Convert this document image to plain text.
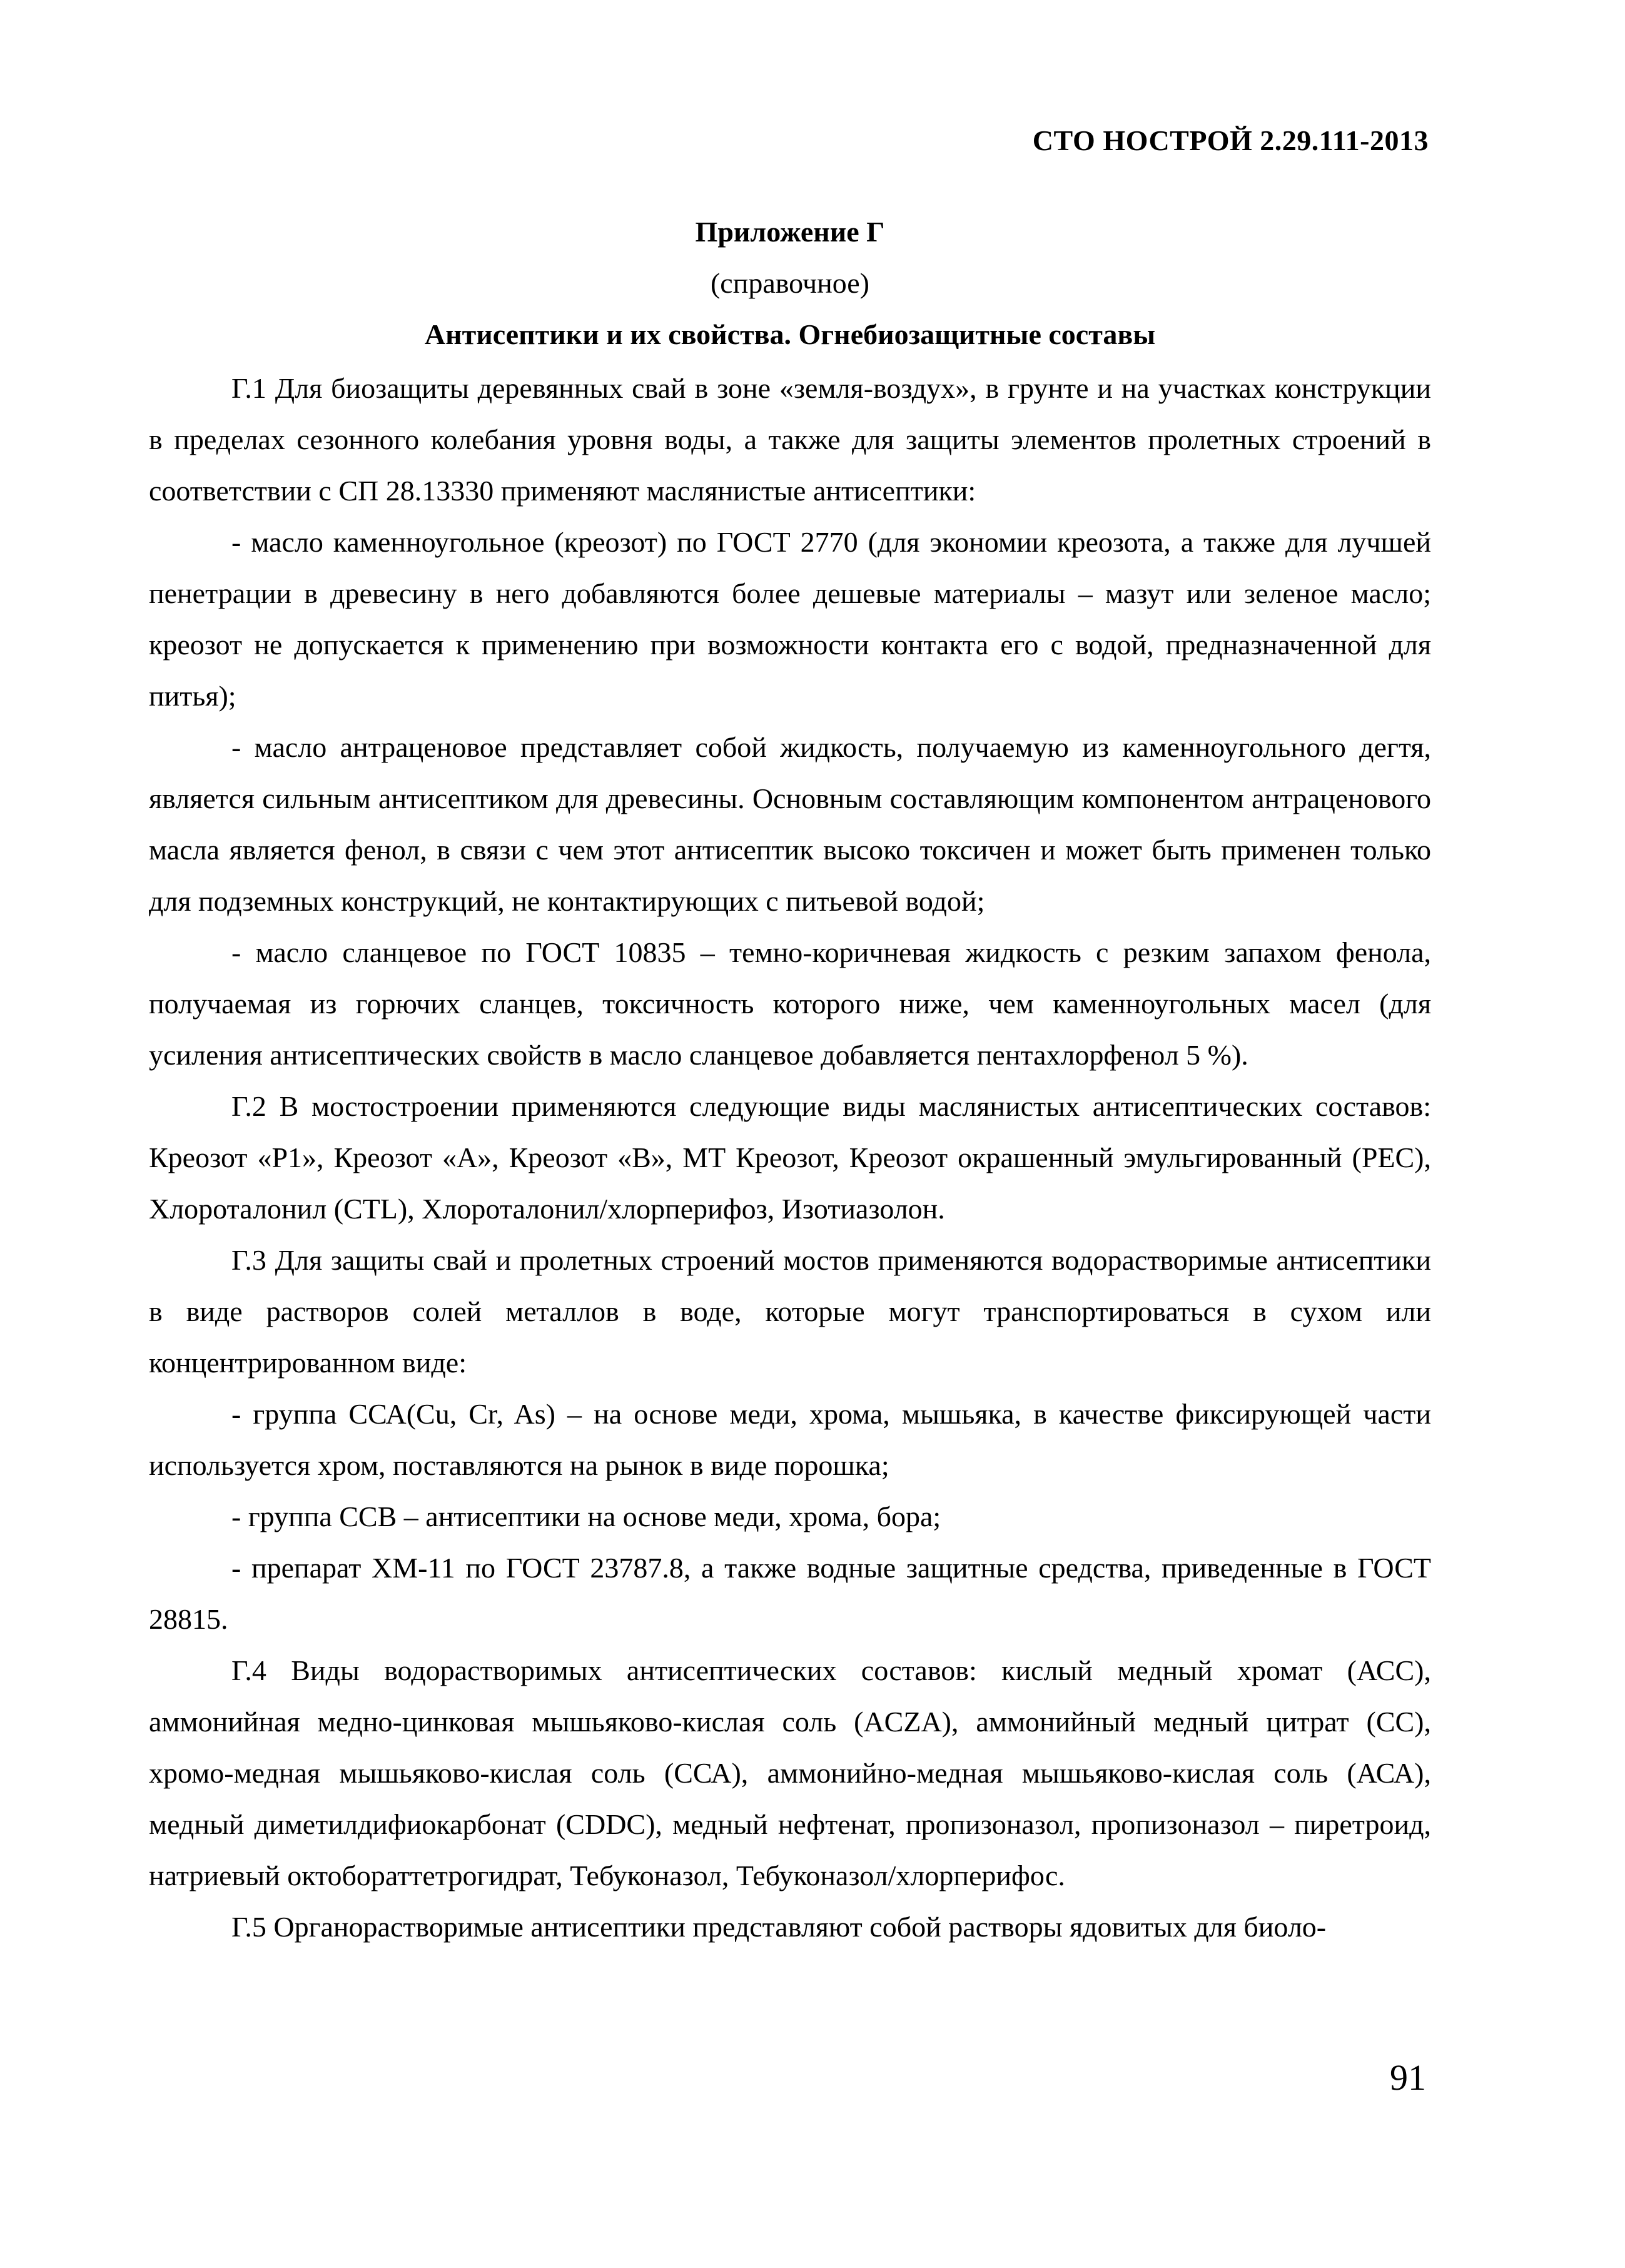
СТО НОСТРОЙ 2.29.111-2013
Приложение Г
(справочное)
Антисептики и их свойства. Огнебиозащитные составы

Г.1 Для биозащиты деревянных свай в зоне «земля-воздух», в грунте и на участках конструкции в пределах сезонного колебания уровня воды, а также для защиты элементов пролетных строений в соответствии с СП 28.13330 применяют маслянистые антисептики:

- масло каменноугольное (креозот) по ГОСТ 2770 (для экономии креозота, а также для лучшей пенетрации в древесину в него добавляются более дешевые материалы – мазут или зеленое масло; креозот не допускается к применению при возможности контакта его с водой, предназначенной для питья);

- масло антраценовое представляет собой жидкость, получаемую из каменноугольного дегтя, является сильным антисептиком для древесины. Основным составляющим компонентом антраценового масла является фенол, в связи с чем этот антисептик высоко токсичен и может быть применен только для подземных конструкций, не контактирующих с питьевой водой;

- масло сланцевое по ГОСТ 10835 – темно-коричневая жидкость с резким запахом фенола, получаемая из горючих сланцев, токсичность которого ниже, чем каменноугольных масел (для усиления антисептических свойств в масло сланцевое добавляется пентахлорфенол 5 %).

Г.2 В мостостроении применяются следующие виды маслянистых антисептических составов: Креозот «P1», Креозот «А», Креозот «В», МТ Креозот, Креозот окрашенный эмульгированный (PEC), Хлороталонил (CTL), Хлороталонил/хлорперифоз, Изотиазолон.

Г.3 Для защиты свай и пролетных строений мостов применяются водорастворимые антисептики в виде растворов солей металлов в воде, которые могут транспортироваться в сухом или концентрированном виде:

- группа ССА(Cu, Cr, As) – на основе меди, хрома, мышьяка, в качестве фиксирующей части используется хром, поставляются на рынок в виде порошка;

- группа ССВ – антисептики на основе меди, хрома, бора;

- препарат ХМ-11 по ГОСТ 23787.8, а также водные защитные средства, приведенные в ГОСТ 28815.

Г.4 Виды водорастворимых антисептических составов: кислый медный хромат (АСС), аммонийная медно-цинковая мышьяково-кислая соль (ACZA), аммонийный медный цитрат (СС), хромо-медная мышьяково-кислая соль (ССА), аммонийно-медная мышьяково-кислая соль (АСА), медный диметилдифиокарбонат (CDDC), медный нефтенат, пропизоназол, пропизоназол – пиретроид, натриевый октобораттетрогидрат, Тебуконазол, Тебуконазол/хлорперифос.

Г.5 Органорастворимые антисептики представляют собой растворы ядовитых для биоло-

91
